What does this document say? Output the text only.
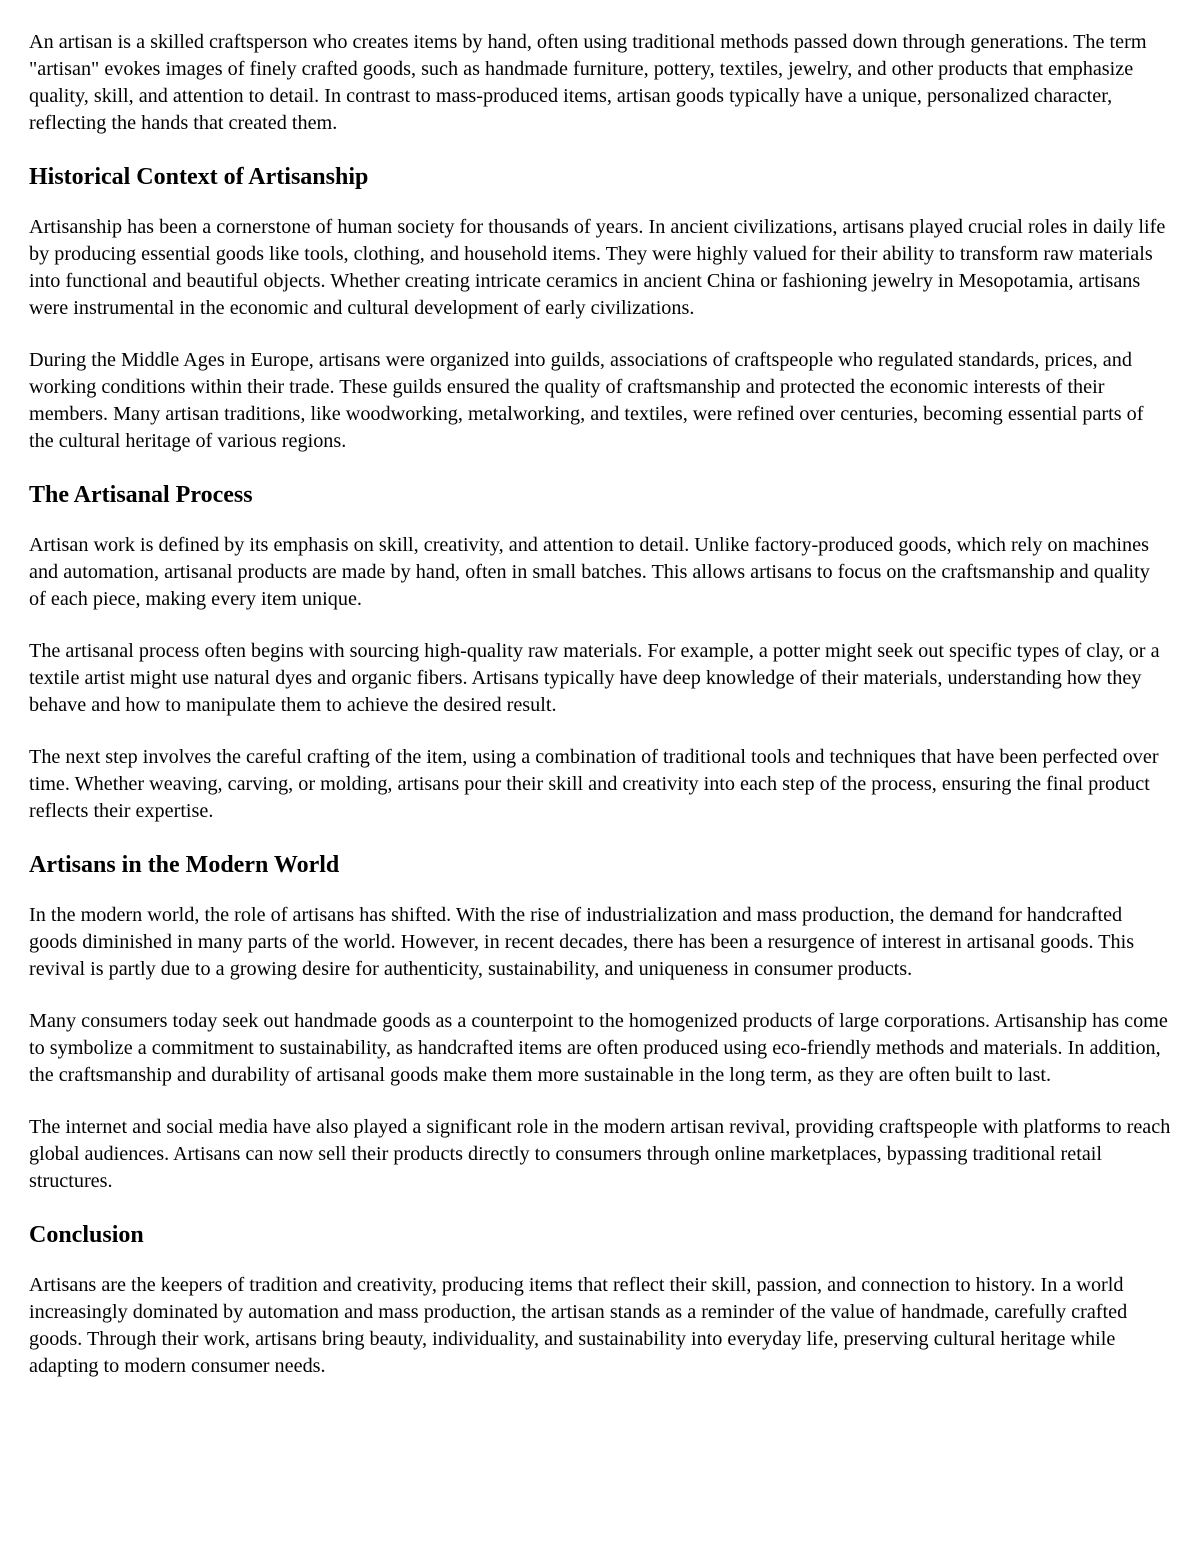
An artisan is a skilled craftsperson who creates items by hand, often using traditional methods passed down through generations. The term "artisan" evokes images of finely crafted goods, such as handmade furniture, pottery, textiles, jewelry, and other products that emphasize quality, skill, and attention to detail. In contrast to mass-produced items, artisan goods typically have a unique, personalized character, reflecting the hands that created them.

Historical Context of Artisanship

Artisanship has been a cornerstone of human society for thousands of years. In ancient civilizations, artisans played crucial roles in daily life by producing essential goods like tools, clothing, and household items. They were highly valued for their ability to transform raw materials into functional and beautiful objects. Whether creating intricate ceramics in ancient China or fashioning jewelry in Mesopotamia, artisans were instrumental in the economic and cultural development of early civilizations.

During the Middle Ages in Europe, artisans were organized into guilds, associations of craftspeople who regulated standards, prices, and working conditions within their trade. These guilds ensured the quality of craftsmanship and protected the economic interests of their members. Many artisan traditions, like woodworking, metalworking, and textiles, were refined over centuries, becoming essential parts of the cultural heritage of various regions.

The Artisanal Process

Artisan work is defined by its emphasis on skill, creativity, and attention to detail. Unlike factory-produced goods, which rely on machines and automation, artisanal products are made by hand, often in small batches. This allows artisans to focus on the craftsmanship and quality of each piece, making every item unique.

The artisanal process often begins with sourcing high-quality raw materials. For example, a potter might seek out specific types of clay, or a textile artist might use natural dyes and organic fibers. Artisans typically have deep knowledge of their materials, understanding how they behave and how to manipulate them to achieve the desired result.

The next step involves the careful crafting of the item, using a combination of traditional tools and techniques that have been perfected over time. Whether weaving, carving, or molding, artisans pour their skill and creativity into each step of the process, ensuring the final product reflects their expertise.

Artisans in the Modern World

In the modern world, the role of artisans has shifted. With the rise of industrialization and mass production, the demand for handcrafted goods diminished in many parts of the world. However, in recent decades, there has been a resurgence of interest in artisanal goods. This revival is partly due to a growing desire for authenticity, sustainability, and uniqueness in consumer products.

Many consumers today seek out handmade goods as a counterpoint to the homogenized products of large corporations. Artisanship has come to symbolize a commitment to sustainability, as handcrafted items are often produced using eco-friendly methods and materials. In addition, the craftsmanship and durability of artisanal goods make them more sustainable in the long term, as they are often built to last.

The internet and social media have also played a significant role in the modern artisan revival, providing craftspeople with platforms to reach global audiences. Artisans can now sell their products directly to consumers through online marketplaces, bypassing traditional retail structures.

Conclusion

Artisans are the keepers of tradition and creativity, producing items that reflect their skill, passion, and connection to history. In a world increasingly dominated by automation and mass production, the artisan stands as a reminder of the value of handmade, carefully crafted goods. Through their work, artisans bring beauty, individuality, and sustainability into everyday life, preserving cultural heritage while adapting to modern consumer needs.
